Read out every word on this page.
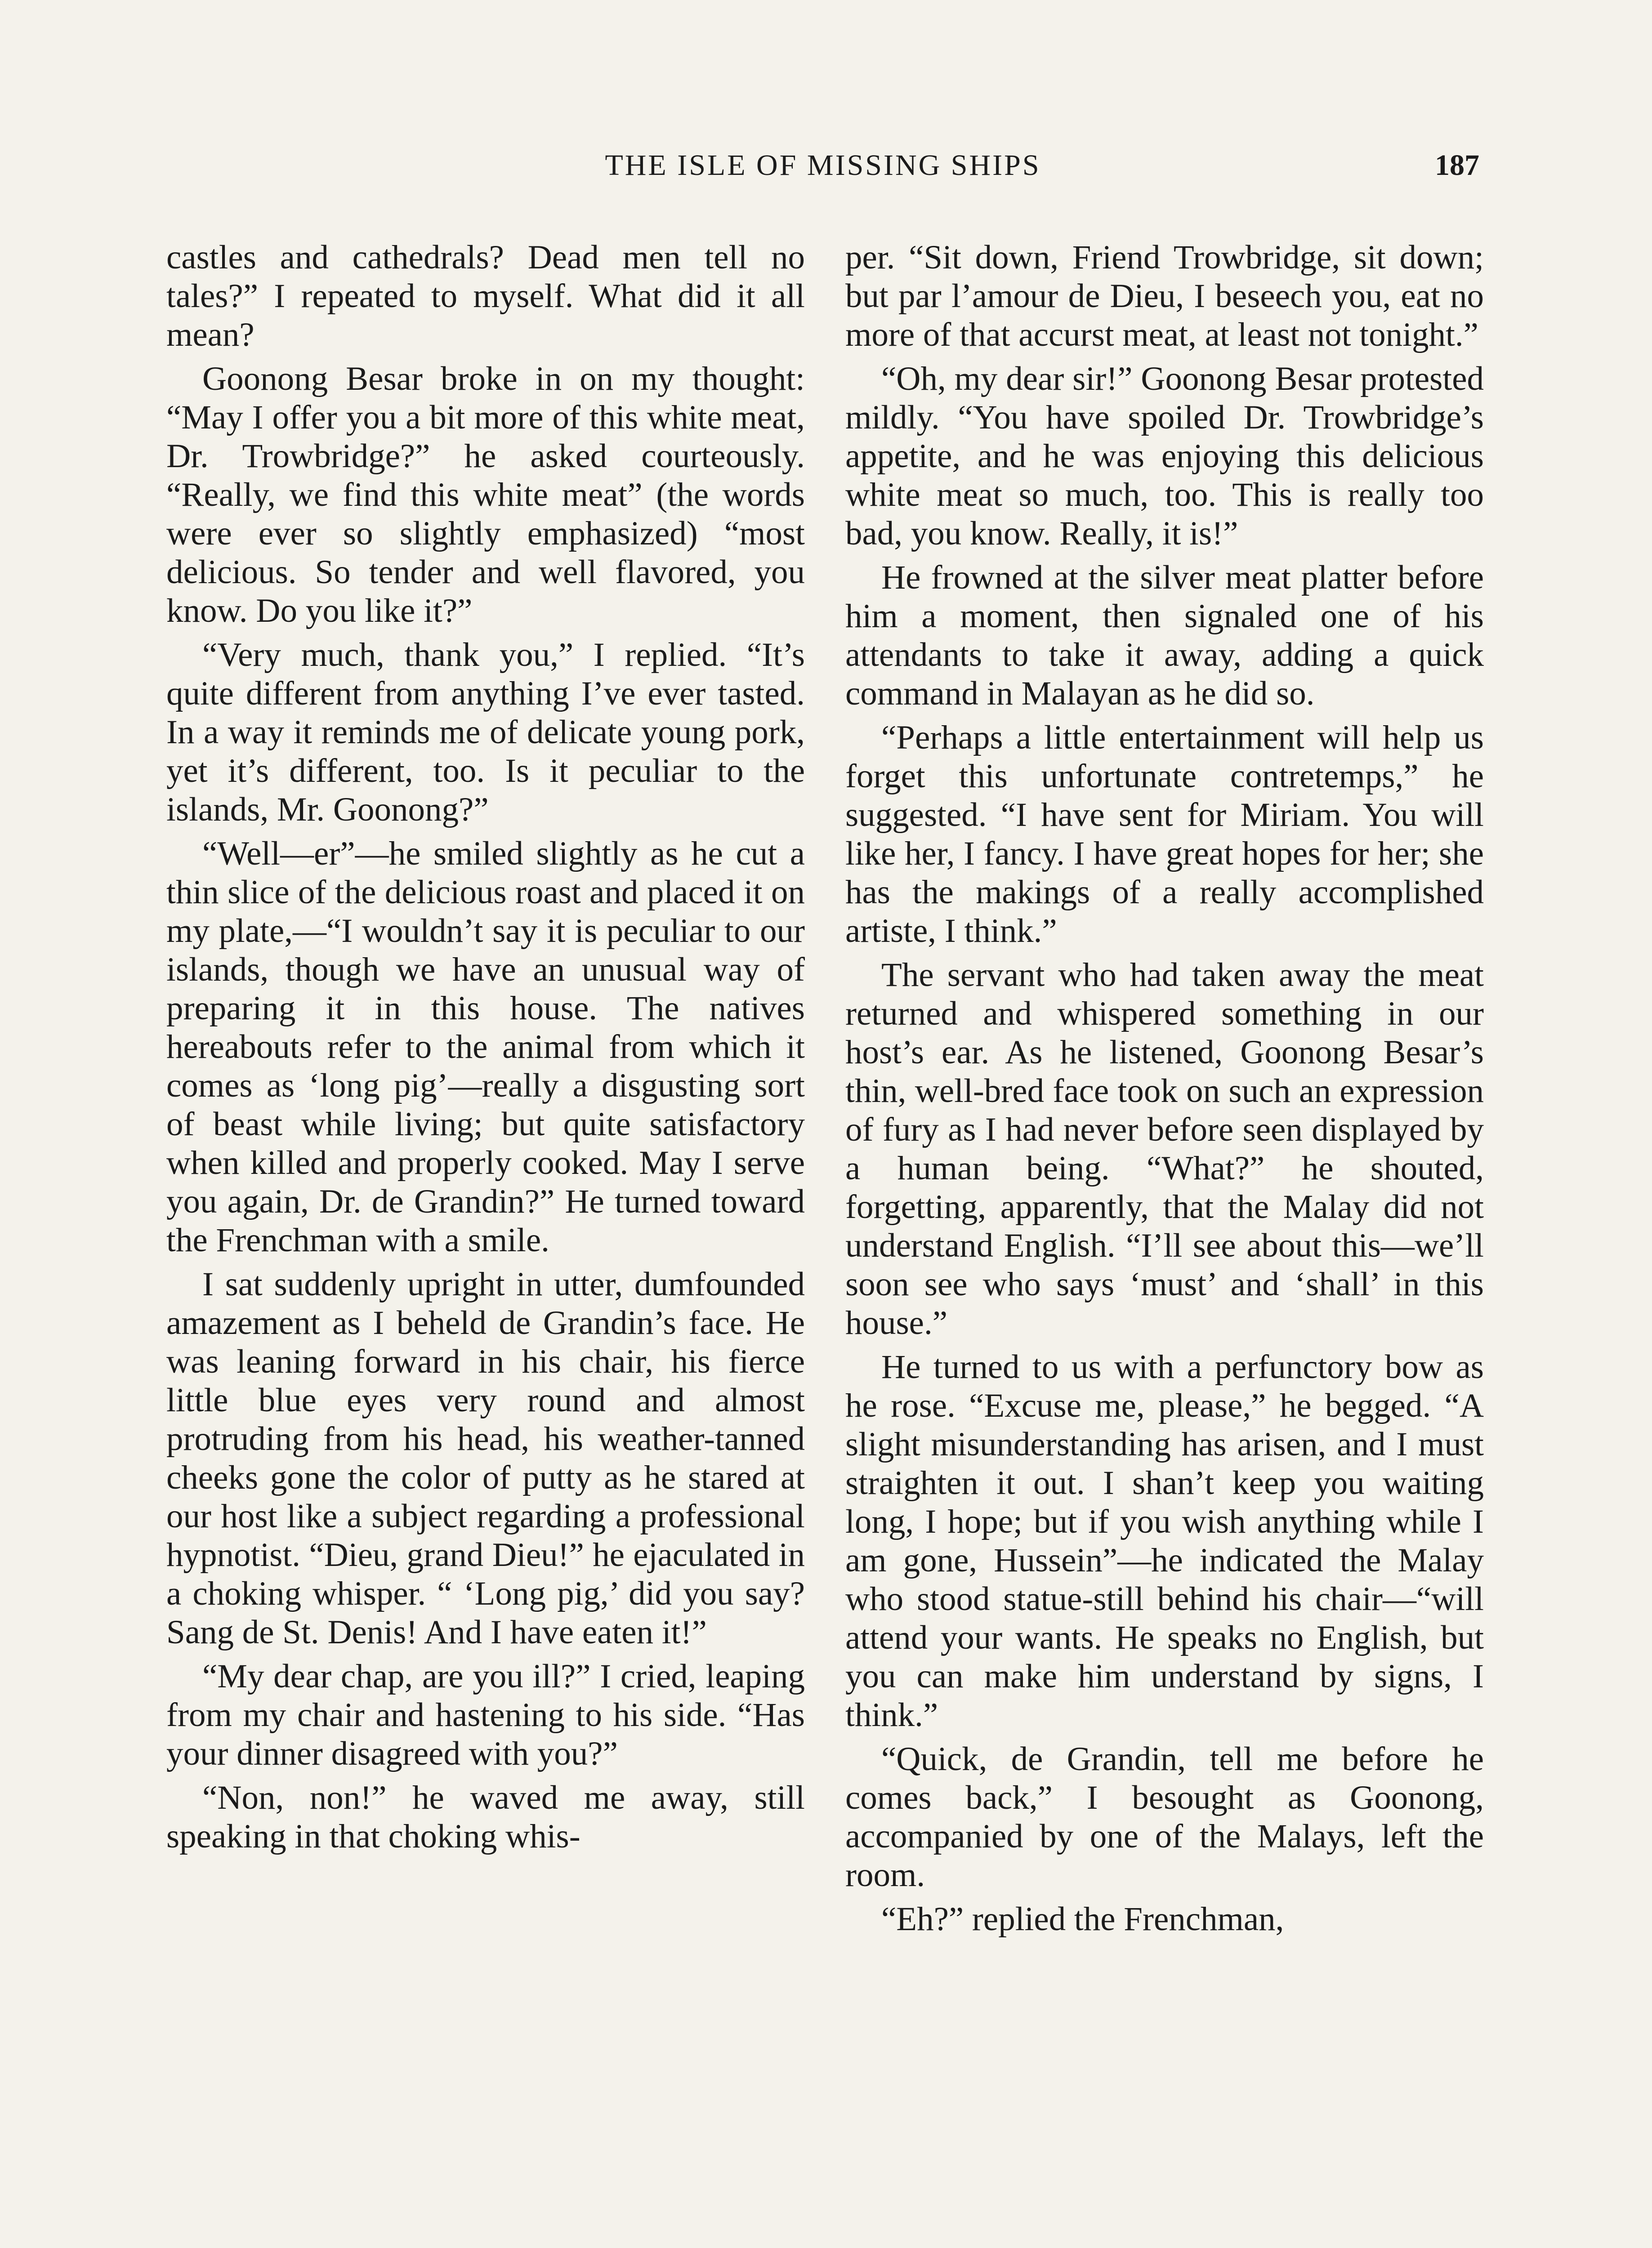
THE ISLE OF MISSING SHIPS	187

castles and cathedrals? Dead men tell no tales?” I repeated to myself. What did it all mean?

Goonong Besar broke in on my thought: “May I offer you a bit more of this white meat, Dr. Trowbridge?” he asked courteously. “Really, we find this white meat” (the words were ever so slightly emphasized) “most delicious. So tender and well flavored, you know. Do you like it?”

“Very much, thank you,” I replied. “It’s quite different from anything I’ve ever tasted. In a way it reminds me of delicate young pork, yet it’s different, too. Is it peculiar to the islands, Mr. Goonong?”

“Well—er”—he smiled slightly as he cut a thin slice of the delicious roast and placed it on my plate,—“I wouldn’t say it is peculiar to our islands, though we have an unusual way of preparing it in this house. The natives hereabouts refer to the animal from which it comes as ‘long pig’—really a disgusting sort of beast while living; but quite satisfactory when killed and properly cooked. May I serve you again, Dr. de Grandin?” He turned toward the Frenchman with a smile.

I sat suddenly upright in utter, dumfounded amazement as I beheld de Grandin’s face. He was leaning forward in his chair, his fierce little blue eyes very round and almost protruding from his head, his weather-tanned cheeks gone the color of putty as he stared at our host like a subject regarding a professional hypnotist. “Dieu, grand Dieu!” he ejaculated in a choking whisper. “ ‘Long pig,’ did you say? Sang de St. Denis! And I have eaten it!”

“My dear chap, are you ill?” I cried, leaping from my chair and hastening to his side. “Has your dinner disagreed with you?”

“Non, non!” he waved me away, still speaking in that choking whis-

per. “Sit down, Friend Trowbridge, sit down; but par l’amour de Dieu, I beseech you, eat no more of that accurst meat, at least not tonight.”

“Oh, my dear sir!” Goonong Besar protested mildly. “You have spoiled Dr. Trowbridge’s appetite, and he was enjoying this delicious white meat so much, too. This is really too bad, you know. Really, it is!”

He frowned at the silver meat platter before him a moment, then signaled one of his attendants to take it away, adding a quick command in Malayan as he did so.

“Perhaps a little entertainment will help us forget this unfortunate contretemps,” he suggested. “I have sent for Miriam. You will like her, I fancy. I have great hopes for her; she has the makings of a really accomplished artiste, I think.”

The servant who had taken away the meat returned and whispered something in our host’s ear. As he listened, Goonong Besar’s thin, well-bred face took on such an expression of fury as I had never before seen displayed by a human being. “What?” he shouted, forgetting, apparently, that the Malay did not understand English. “I’ll see about this—we’ll soon see who says ‘must’ and ‘shall’ in this house.”

He turned to us with a perfunctory bow as he rose. “Excuse me, please,” he begged. “A slight misunderstanding has arisen, and I must straighten it out. I shan’t keep you waiting long, I hope; but if you wish anything while I am gone, Hussein”—he indicated the Malay who stood statue-still behind his chair—“will attend your wants. He speaks no English, but you can make him understand by signs, I think.”

“Quick, de Grandin, tell me before he comes back,” I besought as Goonong, accompanied by one of the Malays, left the room.

“Eh?” replied the Frenchman,
